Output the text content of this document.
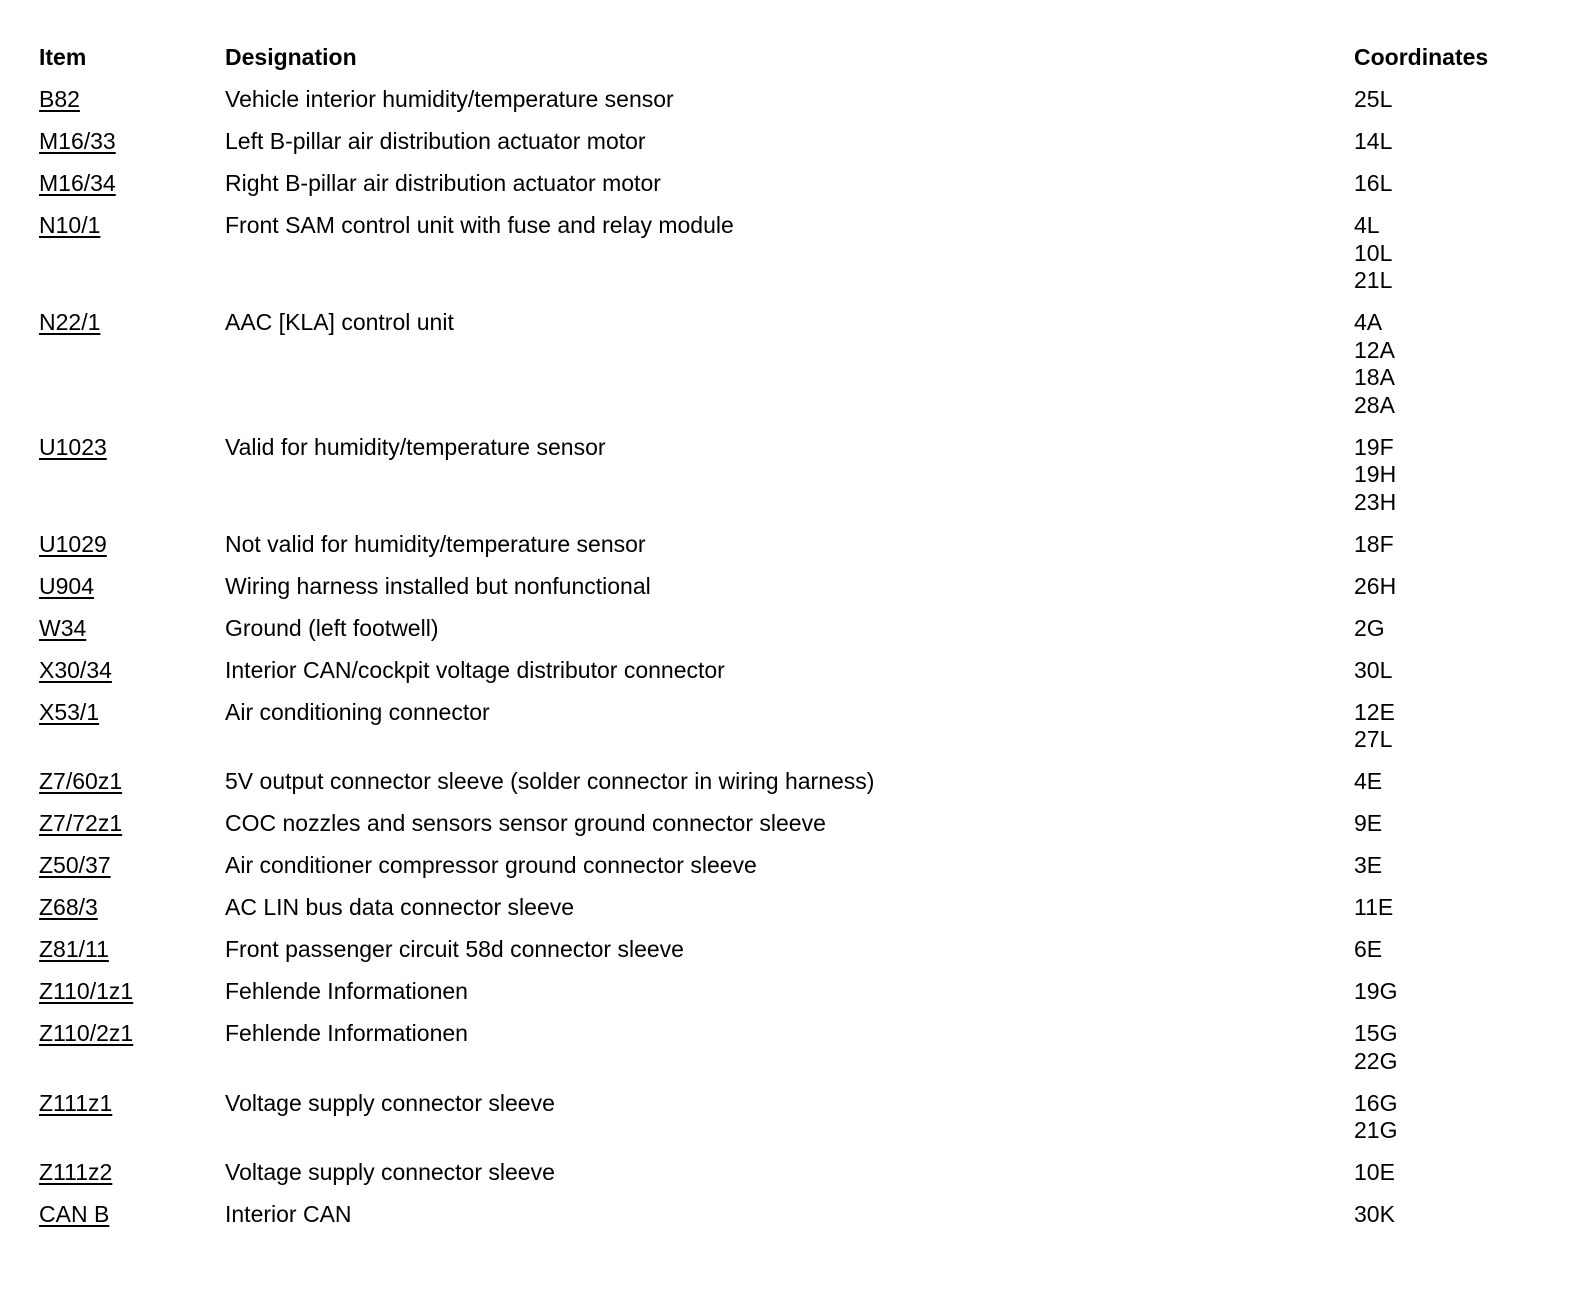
Item	Designation	Coordinates
B82	Vehicle interior humidity/temperature sensor	25L

M16/33	Left B-pillar air distribution actuator motor	14L

M16/34	Right B-pillar air distribution actuator motor	16L

N10/1	Front SAM control unit with fuse and relay module	4L
10L
21L

N22/1	AAC [KLA] control unit	4A
12A
18A
28A

U1023	Valid for humidity/temperature sensor	19F
19H
23H

U1029	Not valid for humidity/temperature sensor	18F

U904	Wiring harness installed but nonfunctional	26H

W34	Ground (left footwell)	2G

X30/34	Interior CAN/cockpit voltage distributor connector	30L

X53/1	Air conditioning connector	12E
27L

Z7/60z1	5V output connector sleeve (solder connector in wiring harness)	4E

Z7/72z1	COC nozzles and sensors sensor ground connector sleeve	9E

Z50/37	Air conditioner compressor ground connector sleeve	3E

Z68/3	AC LIN bus data connector sleeve	11E

Z81/11	Front passenger circuit 58d connector sleeve	6E

Z110/1z1	Fehlende Informationen	19G

Z110/2z1	Fehlende Informationen	15G
22G

Z111z1	Voltage supply connector sleeve	16G
21G

Z111z2	Voltage supply connector sleeve	10E

CAN B	Interior CAN	30K
